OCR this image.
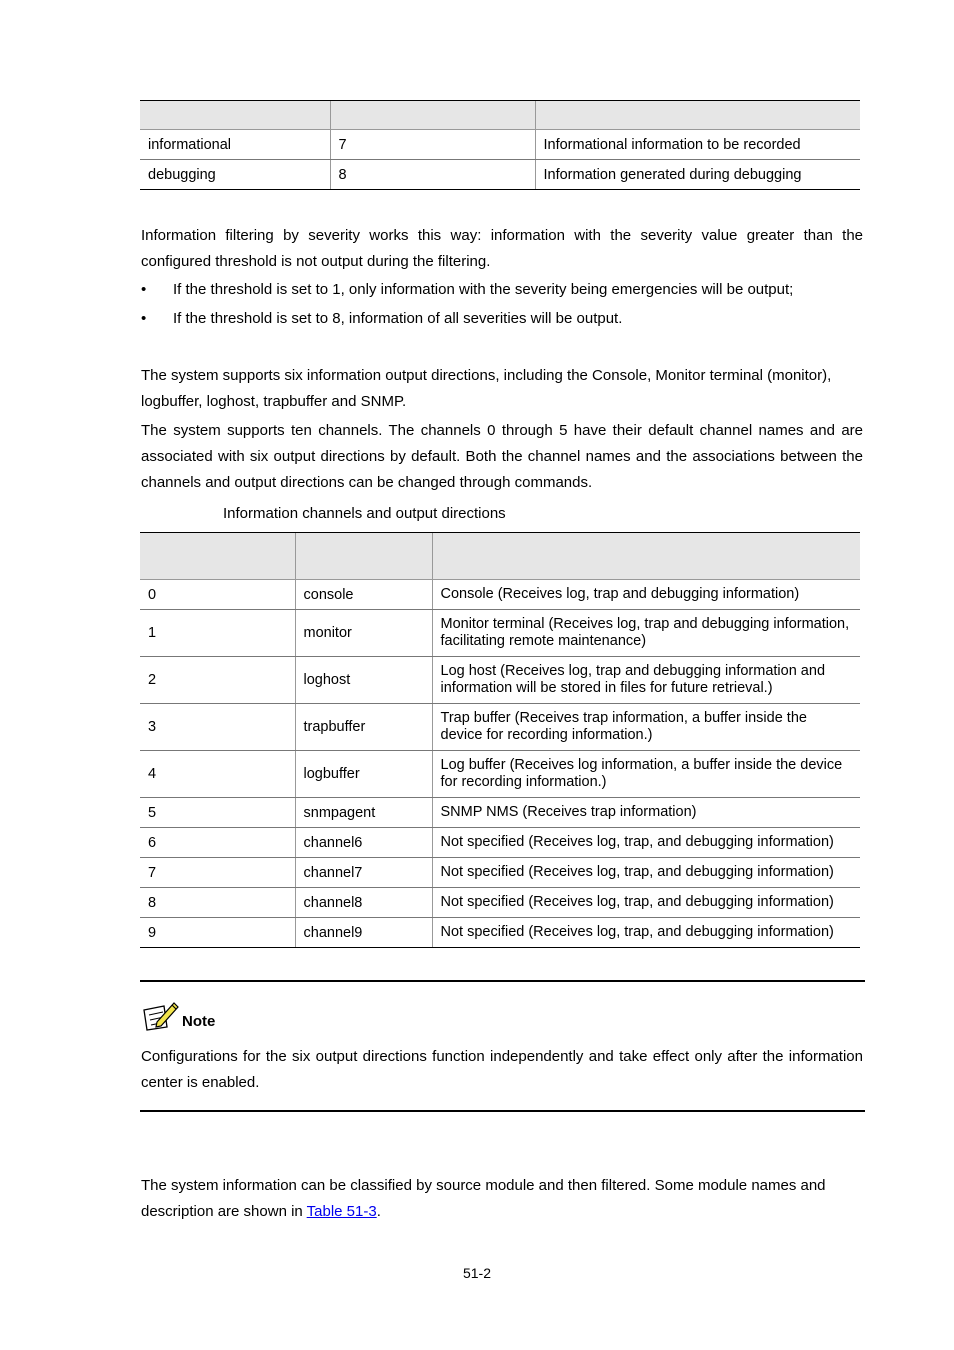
informational	7	Informational information to be recorded
debugging	8	Information generated during debugging
Information filtering by severity works this way: information with the severity value greater than the configured threshold is not output during the filtering.
• If the threshold is set to 1, only information with the severity being emergencies will be output;
• If the threshold is set to 8, information of all severities will be output.
The system supports six information output directions, including the Console, Monitor terminal (monitor), logbuffer, loghost, trapbuffer and SNMP.
The system supports ten channels. The channels 0 through 5 have their default channel names and are associated with six output directions by default. Both the channel names and the associations between the channels and output directions can be changed through commands.
Information channels and output directions

0	console	Console (Receives log, trap and debugging information)
1	monitor	Monitor terminal (Receives log, trap and debugging information, facilitating remote maintenance)
2	loghost	Log host (Receives log, trap and debugging information and information will be stored in files for future retrieval.)
3	trapbuffer	Trap buffer (Receives trap information, a buffer inside the device for recording information.)
4	logbuffer	Log buffer (Receives log information, a buffer inside the device for recording information.)
5	snmpagent	SNMP NMS (Receives trap information)
6	channel6	Not specified (Receives log, trap, and debugging information)
7	channel7	Not specified (Receives log, trap, and debugging information)
8	channel8	Not specified (Receives log, trap, and debugging information)
9	channel9	Not specified (Receives log, trap, and debugging information)
Note
Configurations for the six output directions function independently and take effect only after the information center is enabled.
The system information can be classified by source module and then filtered. Some module names and description are shown in Table 51-3.
51-2
